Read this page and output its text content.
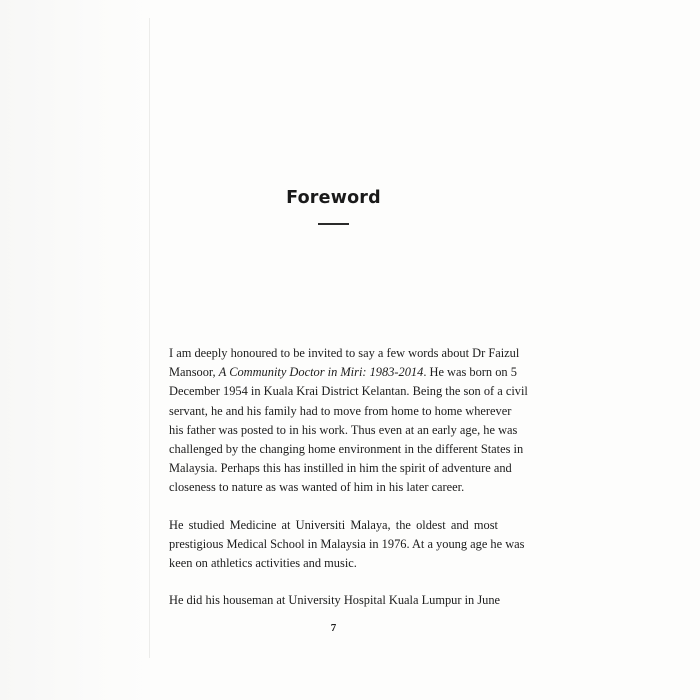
Foreword
I am deeply honoured to be invited to say a few words about Dr Faizul
Mansoor, A Community Doctor in Miri: 1983-2014. He was born on 5
December 1954 in Kuala Krai District Kelantan. Being the son of a civil
servant, he and his family had to move from home to home wherever
his father was posted to in his work. Thus even at an early age, he was
challenged by the changing home environment in the different States in
Malaysia. Perhaps this has instilled in him the spirit of adventure and
closeness to nature as was wanted of him in his later career.
He studied Medicine at Universiti Malaya, the oldest and most
prestigious Medical School in Malaysia in 1976. At a young age he was
keen on athletics activities and music.
He did his houseman at University Hospital Kuala Lumpur in June
7
